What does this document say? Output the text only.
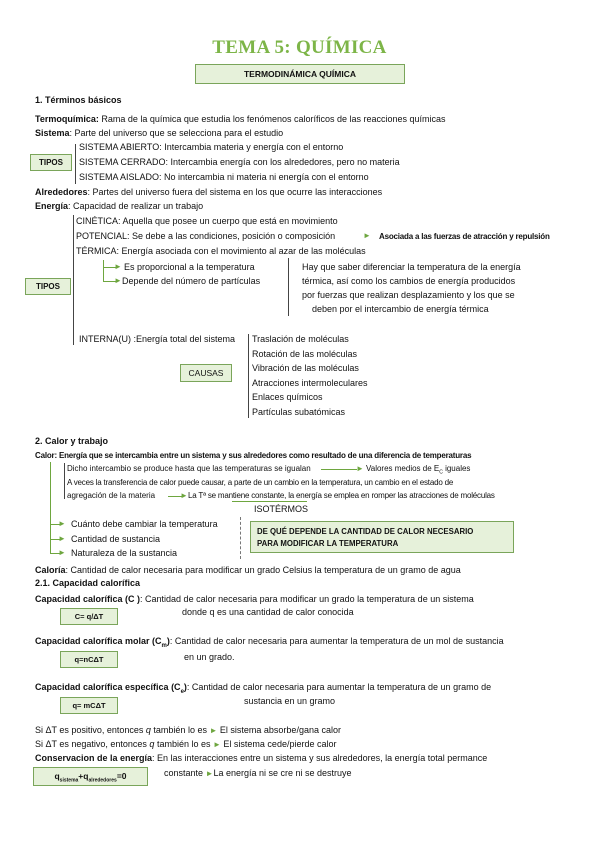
TEMA 5: QUÍMICA
TERMODINÁMICA QUÍMICA
1. Términos básicos
Termoquímica: Rama de la química que estudia los fenómenos caloríficos de las reacciones químicas
Sistema: Parte del universo que se selecciona para el estudio
TIPOS
SISTEMA ABIERTO: Intercambia materia y energía con el entorno
SISTEMA CERRADO: Intercambia energía con los alrededores, pero no materia
SISTEMA AISLADO: No intercambia ni materia ni energía con el entorno
Alrededores: Partes del universo fuera del sistema en los que ocurre las interacciones
Energía: Capacidad de realizar un trabajo
CINÉTICA: Aquella que posee un cuerpo que está en movimiento
POTENCIAL: Se debe a las condiciones, posición o composición	► Asociada a las fuerzas de atracción y repulsión
TÉRMICA: Energía asociada con el movimiento al azar de las moléculas
►
►
Es proporcional a la temperatura
Depende del número de partículas
Hay que saber diferenciar la temperatura de la energía
térmica, así como los cambios de energía producidos
por fuerzas que realizan desplazamiento y los que se
deben por el intercambio de energía térmica
TIPOS
INTERNA(U) :Energía total del sistema
CAUSAS
Traslación de moléculas
Rotación de las moléculas
Vibración de las moléculas
Atracciones intermoleculares
Enlaces químicos
Partículas subatómicas
2. Calor y trabajo
Calor: Energía que se intercambia entre un sistema y sus alrededores como resultado de una diferencia de temperaturas
Dicho intercambio se produce hasta que las temperaturas se igualan	► Valores medios de $E_C$ iguales
A veces la transferencia de calor puede causar, a parte de un cambio en la temperatura, un cambio en el estado de
agregación de la materia	► La Tª se mantiene constante, la energía se emplea en romper las atracciones de moléculas
ISOTÉRMOS
►
►
►
Cuánto debe cambiar la temperatura
Cantidad de sustancia
Naturaleza de la sustancia
DE QUÉ DEPENDE LA CANTIDAD DE CALOR NECESARIO
PARA MODIFICAR LA TEMPERATURA
Caloría: Cantidad de calor necesaria para modificar un grado Celsius la temperatura de un gramo de agua
2.1. Capacidad calorífica
Capacidad calorífica (C ): Cantidad de calor necesaria para modificar un grado la temperatura de un sistema
donde q es una cantidad de calor conocida
C= q/ΔT
Capacidad calorífica molar $(C_m)$: Cantidad de calor necesaria para aumentar la temperatura de un mol de sustancia
en un grado.
q=nCΔT
Capacidad calorífica específica $(C_e)$: Cantidad de calor necesaria para aumentar la temperatura de un gramo de
sustancia en un gramo
q= mCΔT
Si ΔT es positivo, entonces q también lo es ► El sistema absorbe/gana calor
Si ΔT es negativo, entonces q también lo es ► El sistema cede/pierde calor
Conservacion de la energía: En las interacciones entre un sistema y sus alrededores, la energía total permance
constante ►La energía ni se cre ni se destruye
$q_{sistema}+q_{alrededores}=0$
